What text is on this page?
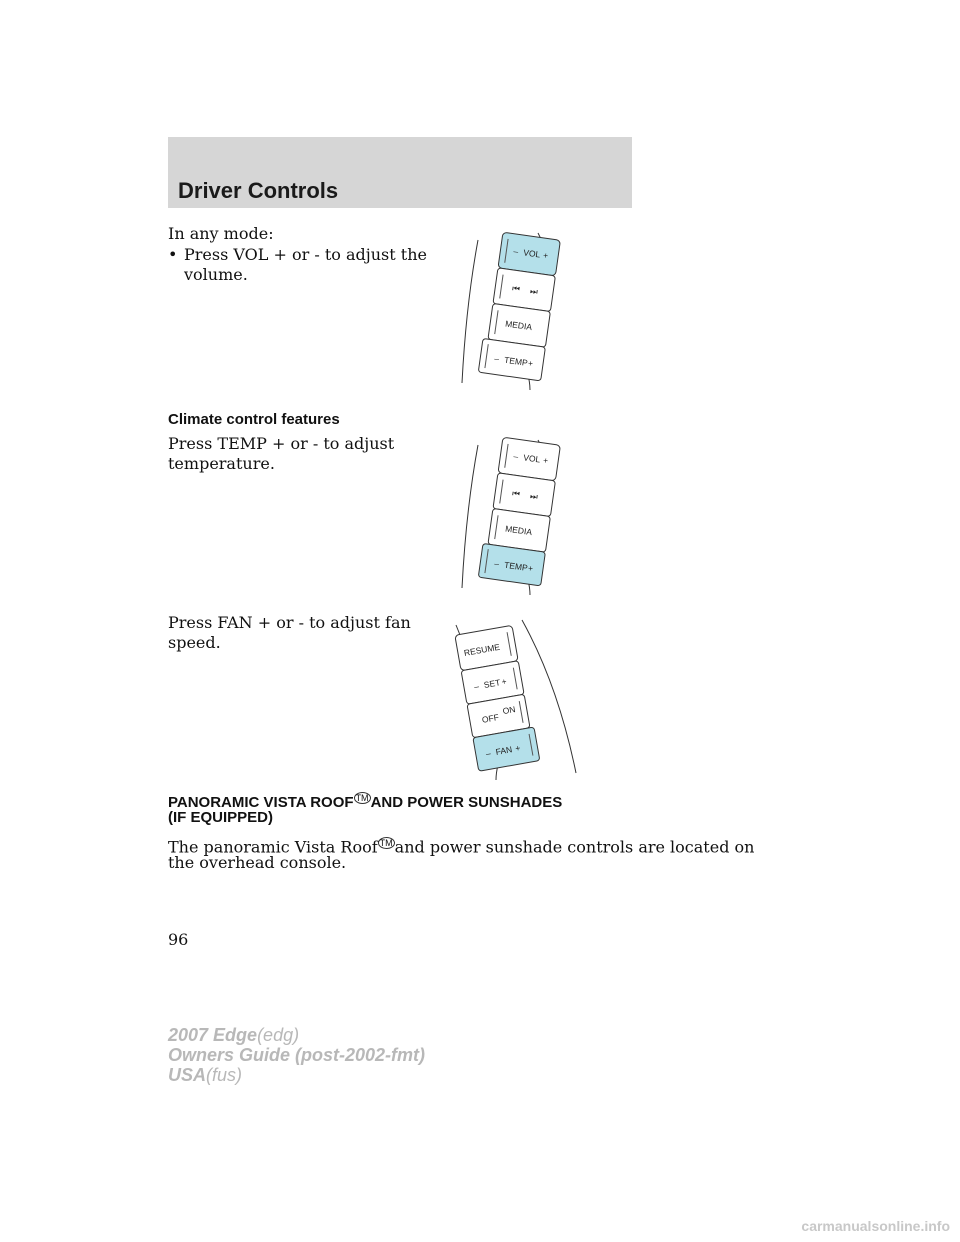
Driver Controls
In any mode:
• Press VOL + or - to adjust the
volume.
Climate control features
Press TEMP + or - to adjust
temperature.
Press FAN + or - to adjust fan
speed.
PANORAMIC VISTA ROOF ™ AND POWER SUNSHADES
(IF EQUIPPED)
The panoramic Vista Roof ™ and power sunshade controls are located on
the overhead console.
– VOL +
⏮ ⏭
MEDIA
– TEMP
+
– VOL +
⏮ ⏭
MEDIA
– TEMP
+
RESUME
– SET +
OFF
ON
– FAN +
96
2007 Edge(edg)
Owners Guide (post-2002-fmt)
USA(fus)
carmanualsonline.info
